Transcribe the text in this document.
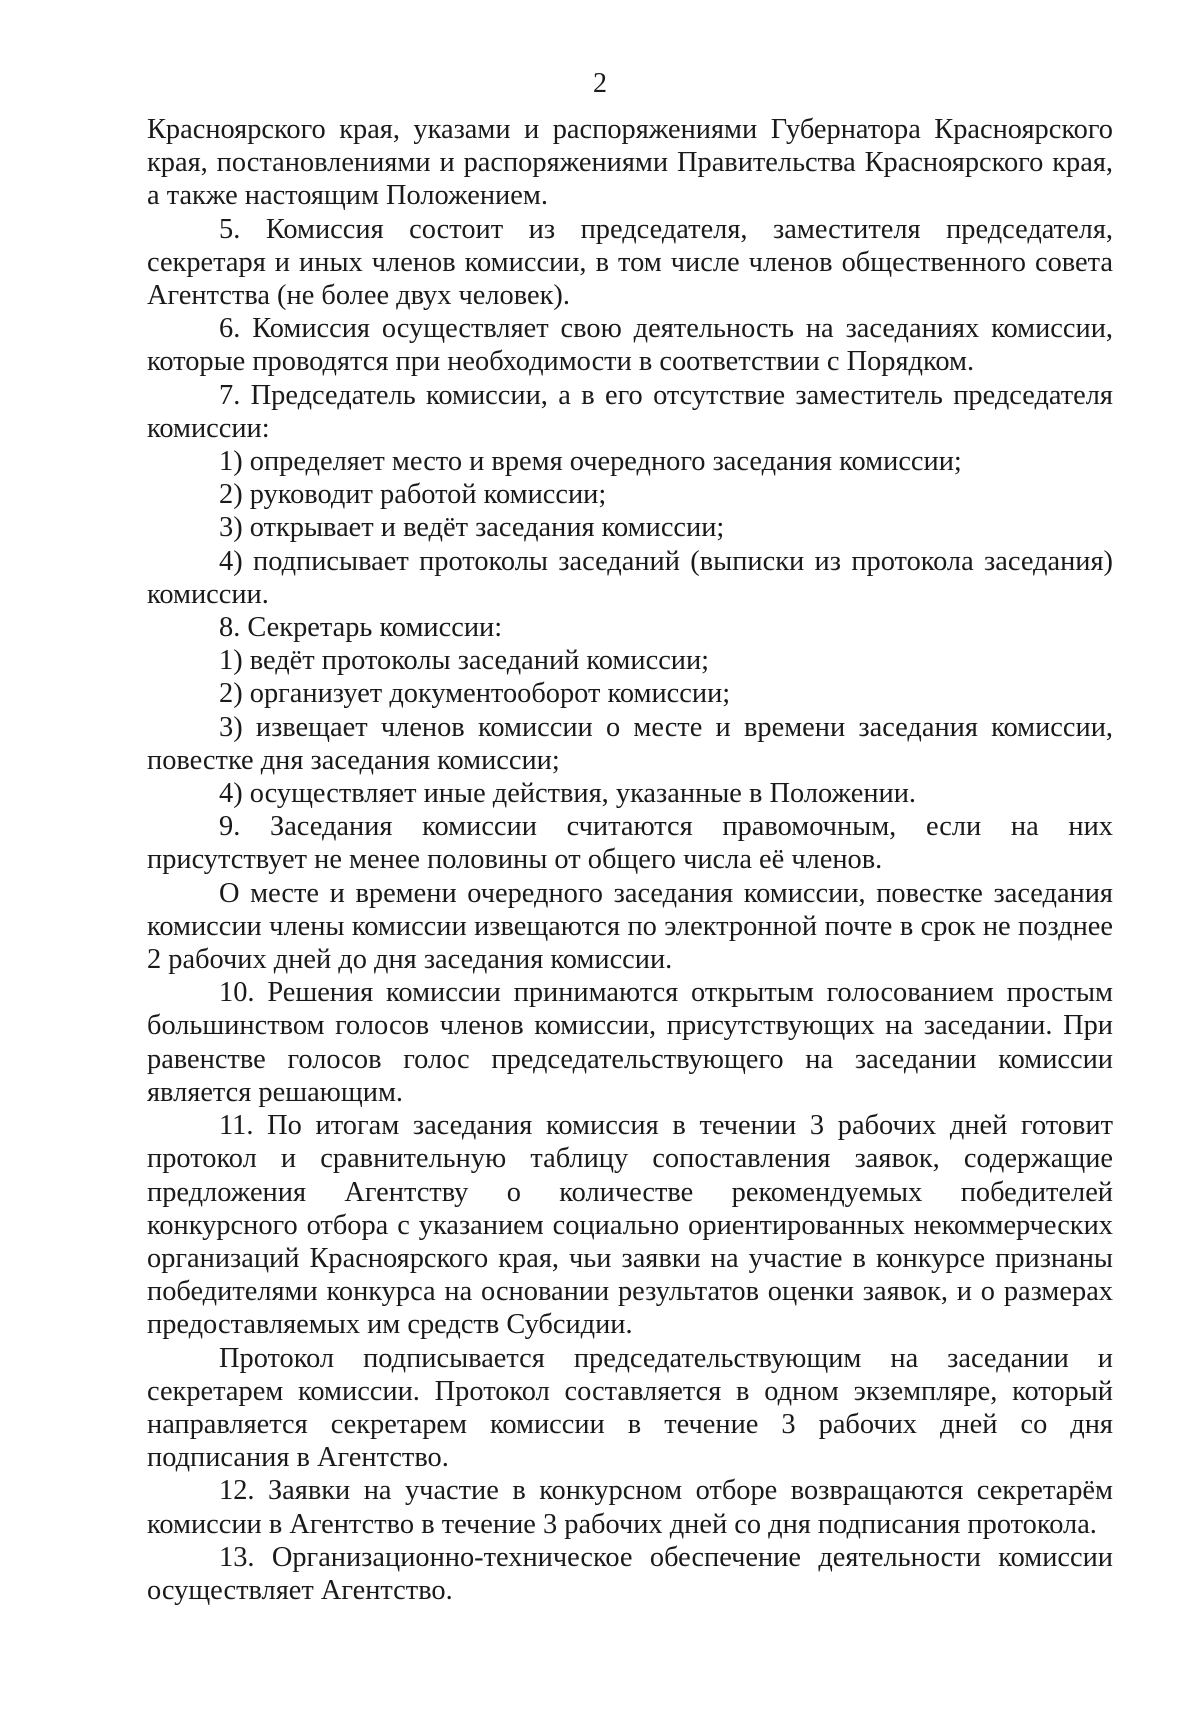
2

Красноярского края, указами и распоряжениями Губернатора Красноярского края, постановлениями и распоряжениями Правительства Красноярского края, а также настоящим Положением.

5. Комиссия состоит из председателя, заместителя председателя, секретаря и иных членов комиссии, в том числе членов общественного совета Агентства (не более двух человек).

6. Комиссия осуществляет свою деятельность на заседаниях комиссии, которые проводятся при необходимости в соответствии с Порядком.

7. Председатель комиссии, а в его отсутствие заместитель председателя комиссии:

1) определяет место и время очередного заседания комиссии;

2) руководит работой комиссии;

3) открывает и ведёт заседания комиссии;

4) подписывает протоколы заседаний (выписки из протокола заседания) комиссии.

8. Секретарь комиссии:

1) ведёт протоколы заседаний комиссии;

2) организует документооборот комиссии;

3) извещает членов комиссии о месте и времени заседания комиссии, повестке дня заседания комиссии;

4) осуществляет иные действия, указанные в Положении.

9. Заседания комиссии считаются правомочным, если на них присутствует не менее половины от общего числа её членов.

О месте и времени очередного заседания комиссии, повестке заседания комиссии члены комиссии извещаются по электронной почте в срок не позднее 2 рабочих дней до дня заседания комиссии.

10. Решения комиссии принимаются открытым голосованием простым большинством голосов членов комиссии, присутствующих на заседании. При равенстве голосов голос председательствующего на заседании комиссии является решающим.

11. По итогам заседания комиссия в течении 3 рабочих дней готовит протокол и сравнительную таблицу сопоставления заявок, содержащие предложения Агентству о количестве рекомендуемых победителей конкурсного отбора с указанием социально ориентированных некоммерческих организаций Красноярского края, чьи заявки на участие в конкурсе признаны победителями конкурса на основании результатов оценки заявок, и о размерах предоставляемых им средств Субсидии.

Протокол подписывается председательствующим на заседании и секретарем комиссии. Протокол составляется в одном экземпляре, который направляется секретарем комиссии в течение 3 рабочих дней со дня подписания в Агентство.

12. Заявки на участие в конкурсном отборе возвращаются секретарём комиссии в Агентство в течение 3 рабочих дней со дня подписания протокола.

13. Организационно-техническое обеспечение деятельности комиссии осуществляет Агентство.
